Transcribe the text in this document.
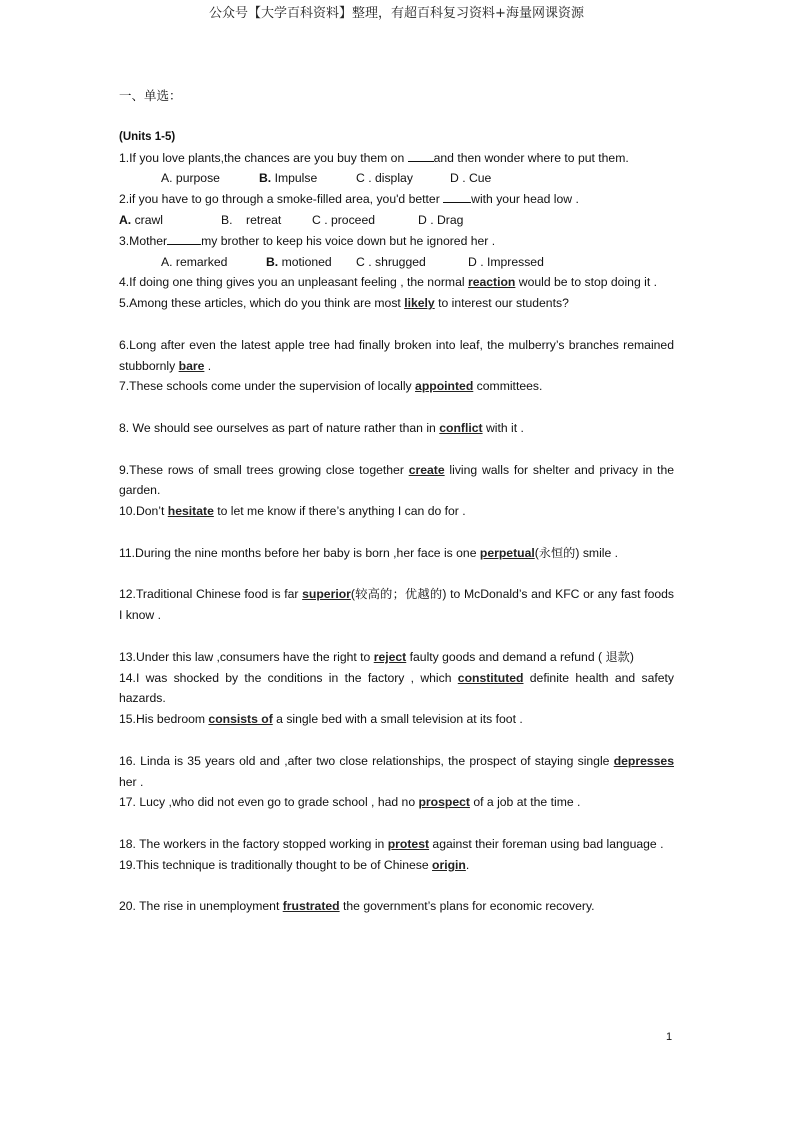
公众号【大学百科资料】整理，有超百科复习资料+海量网课资源

一、单选：

(Units 1-5)

1.If you love plants,the chances are you buy them on and then wonder where to put them.

A. purpose	B. Impulse	C . display	D . Cue

2.if you have to go through a smoke-filled area, you'd better with your head low .

A. crawl	B.    retreat	C . proceed	D . Drag

3.Mother	my brother to keep his voice down but he ignored her .

A. remarked	B. motioned C . shrugged	D . Impressed

4.If doing one thing gives you an unpleasant feeling , the normal reaction would be to stop doing it .

5.Among these articles, which do you think are most likely to interest our students?

6.Long after even the latest apple tree had finally broken into leaf, the mulberry’s branches remained stubbornly bare .

7.These schools come under the supervision of locally appointed committees.

8. We should see ourselves as part of nature rather than in conflict with it .

9.These rows of small trees growing close together create living walls for shelter and privacy in the garden.

10.Don’t hesitate to let me know if there’s anything I can do for .

11.During the nine months before her baby is born ,her face is one perpetual(永恒的) smile .

12.Traditional Chinese food is far superior(较高的；优越的) to McDonald’s and KFC or any fast foods I know .

13.Under this law ,consumers have the right to reject faulty goods and demand a refund ( 退款)

14.I was shocked by the conditions in the factory , which constituted definite health and safety hazards.

15.His bedroom consists of a single bed with a small television at its foot .

16. Linda is 35 years old and ,after two close relationships, the prospect of staying single depresses her .

17. Lucy ,who did not even go to grade school , had no prospect of a job at the time .

18. The workers in the factory stopped working in protest against their foreman using bad language .

19.This technique is traditionally thought to be of Chinese origin.

20. The rise in unemployment frustrated the government’s plans for economic recovery.

1
